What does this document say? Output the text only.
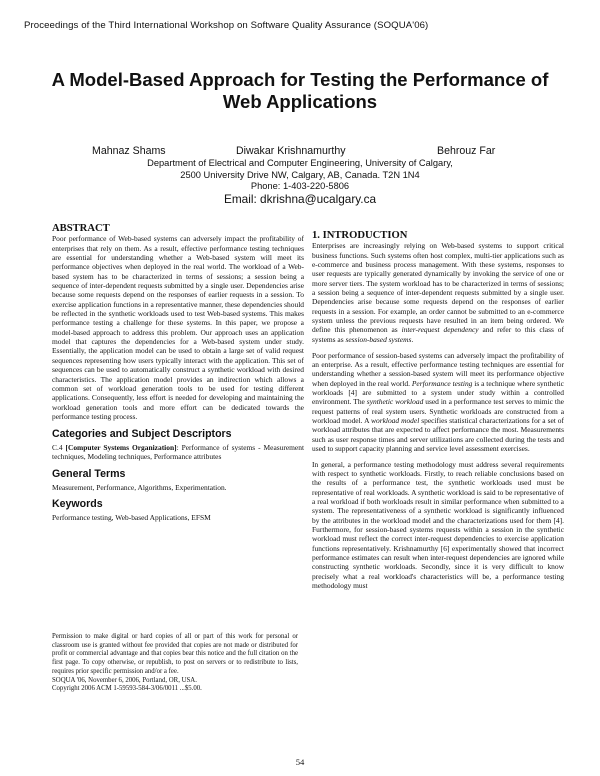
Proceedings of the Third International Workshop on Software Quality Assurance (SOQUA'06)
A Model-Based Approach for Testing the Performance of
Web Applications
Mahnaz Shams	Diwakar Krishnamurthy	Behrouz Far
Department of Electrical and Computer Engineering, University of Calgary,
2500 University Drive NW, Calgary, AB, Canada. T2N 1N4
Phone: 1-403-220-5806
Email: dkrishna@ucalgary.ca
ABSTRACT

Poor performance of Web-based systems can adversely impact the profitability of enterprises that rely on them. As a result, effective performance testing techniques are essential for understanding whether a Web-based system will meet its performance objectives when deployed in the real world. The workload of a Web-based system has to be characterized in terms of sessions; a session being a sequence of inter-dependent requests submitted by a single user. Dependencies arise because some requests depend on the responses of earlier requests in a session. To exercise application functions in a representative manner, these dependencies should be reflected in the synthetic workloads used to test Web-based systems. This makes performance testing a challenge for these systems. In this paper, we propose a model-based approach to address this problem. Our approach uses an application model that captures the dependencies for a Web-based system under study. Essentially, the application model can be used to obtain a large set of valid request sequences representing how users typically interact with the application. This set of sequences can be used to automatically construct a synthetic workload with desired characteristics. The application model provides an indirection which allows a common set of workload generation tools to be used for testing different applications. Consequently, less effort is needed for developing and maintaining the workload generation tools and more effort can be dedicated towards the performance testing process.

Categories and Subject Descriptors

C.4 [Computer Systems Organization]: Performance of systems - Measurement techniques, Modeling techniques, Performance attributes

General Terms

Measurement, Performance, Algorithms, Experimentation.

Keywords

Performance testing, Web-based Applications, EFSM

Permission to make digital or hard copies of all or part of this work for personal or classroom use is granted without fee provided that copies are not made or distributed for profit or commercial advantage and that copies bear this notice and the full citation on the first page. To copy otherwise, or republish, to post on servers or to redistribute to lists, requires prior specific permission and/or a fee.
SOQUA '06, November 6, 2006, Portland, OR, USA.
Copyright 2006 ACM 1-59593-584-3/06/0011 ...$5.00.
1. INTRODUCTION

Enterprises are increasingly relying on Web-based systems to support critical business functions. Such systems often host complex, multi-tier applications such as e-commerce and business process management. With these systems, responses to user requests are typically generated dynamically by invoking the service of one or more server tiers. The system workload has to be characterized in terms of sessions; a session being a sequence of inter-dependent requests submitted by a single user. Dependencies arise because some requests depend on the responses of earlier requests in a session. For example, an order cannot be submitted to an e-commerce system unless the previous requests have resulted in an item being ordered. We define this phenomenon as inter-request dependency and refer to this class of systems as session-based systems.

Poor performance of session-based systems can adversely impact the profitability of an enterprise. As a result, effective performance testing techniques are essential for understanding whether a session-based system will meet its performance objective when deployed in the real world. Performance testing is a technique where synthetic workloads [4] are submitted to a system under study within a controlled environment. The synthetic workload used in a performance test serves to mimic the request patterns of real system users. Synthetic workloads are constructed from a workload model. A workload model specifies statistical characterizations for a set of workload attributes that are expected to affect performance the most. Measurements such as user response times and server utilizations are collected during the tests and used to support capacity planning and service level assessment exercises.

In general, a performance testing methodology must address several requirements with respect to synthetic workloads. Firstly, to reach reliable conclusions based on the results of a performance test, the synthetic workloads used must be representative of real workloads. A synthetic workload is said to be representative of a real workload if both workloads result in similar performance when submitted to a system. The representativeness of a synthetic workload is significantly influenced by the attributes in the workload model and the characterizations used for them [4]. Furthermore, for session-based systems requests within a session in the synthetic workload must reflect the correct inter-request dependencies to exercise application functions representatively. Krishnamurthy [6] experimentally showed that incorrect performance estimates can result when inter-request dependencies are ignored while constructing synthetic workloads. Secondly, since it is very difficult to know precisely what a real workload's characteristics will be, a performance testing methodology must

54
